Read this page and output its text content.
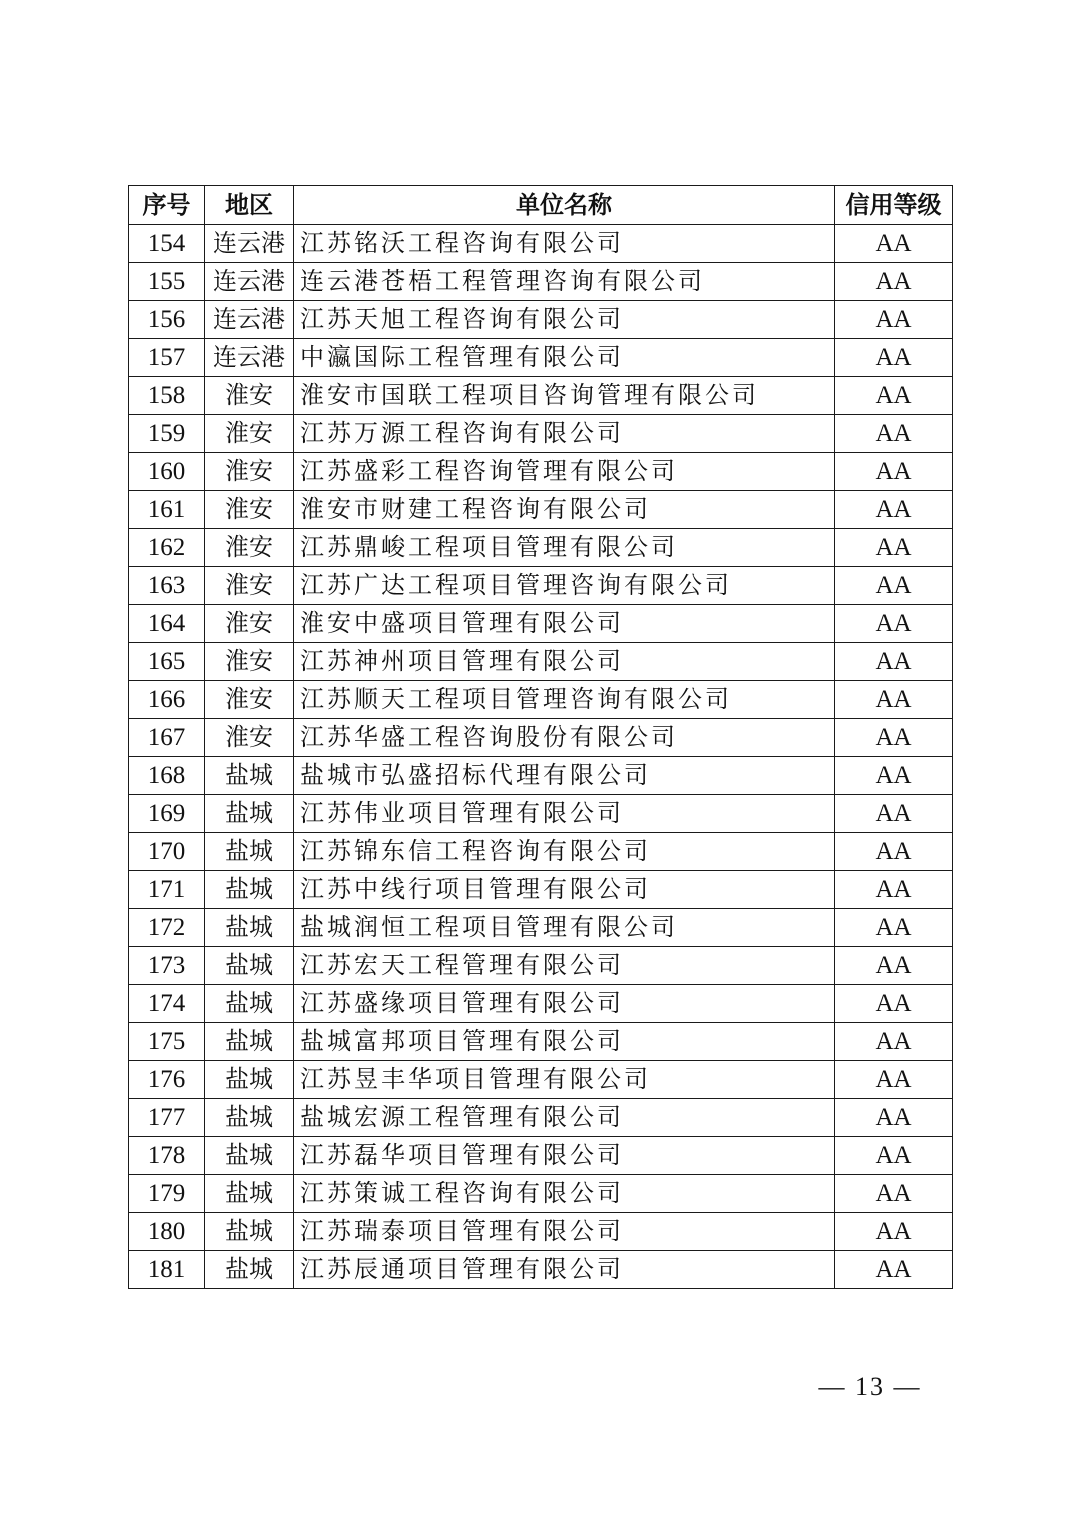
序号	地区	单位名称	信用等级
154	连云港	江苏铭沃工程咨询有限公司	AA
155	连云港	连云港苍梧工程管理咨询有限公司	AA
156	连云港	江苏天旭工程咨询有限公司	AA
157	连云港	中瀛国际工程管理有限公司	AA
158	淮安	淮安市国联工程项目咨询管理有限公司	AA
159	淮安	江苏万源工程咨询有限公司	AA
160	淮安	江苏盛彩工程咨询管理有限公司	AA
161	淮安	淮安市财建工程咨询有限公司	AA
162	淮安	江苏鼎峻工程项目管理有限公司	AA
163	淮安	江苏广达工程项目管理咨询有限公司	AA
164	淮安	淮安中盛项目管理有限公司	AA
165	淮安	江苏神州项目管理有限公司	AA
166	淮安	江苏顺天工程项目管理咨询有限公司	AA
167	淮安	江苏华盛工程咨询股份有限公司	AA
168	盐城	盐城市弘盛招标代理有限公司	AA
169	盐城	江苏伟业项目管理有限公司	AA
170	盐城	江苏锦东信工程咨询有限公司	AA
171	盐城	江苏中线行项目管理有限公司	AA
172	盐城	盐城润恒工程项目管理有限公司	AA
173	盐城	江苏宏天工程管理有限公司	AA
174	盐城	江苏盛缘项目管理有限公司	AA
175	盐城	盐城富邦项目管理有限公司	AA
176	盐城	江苏昱丰华项目管理有限公司	AA
177	盐城	盐城宏源工程管理有限公司	AA
178	盐城	江苏磊华项目管理有限公司	AA
179	盐城	江苏策诚工程咨询有限公司	AA
180	盐城	江苏瑞泰项目管理有限公司	AA
181	盐城	江苏辰通项目管理有限公司	AA
— 13 —
